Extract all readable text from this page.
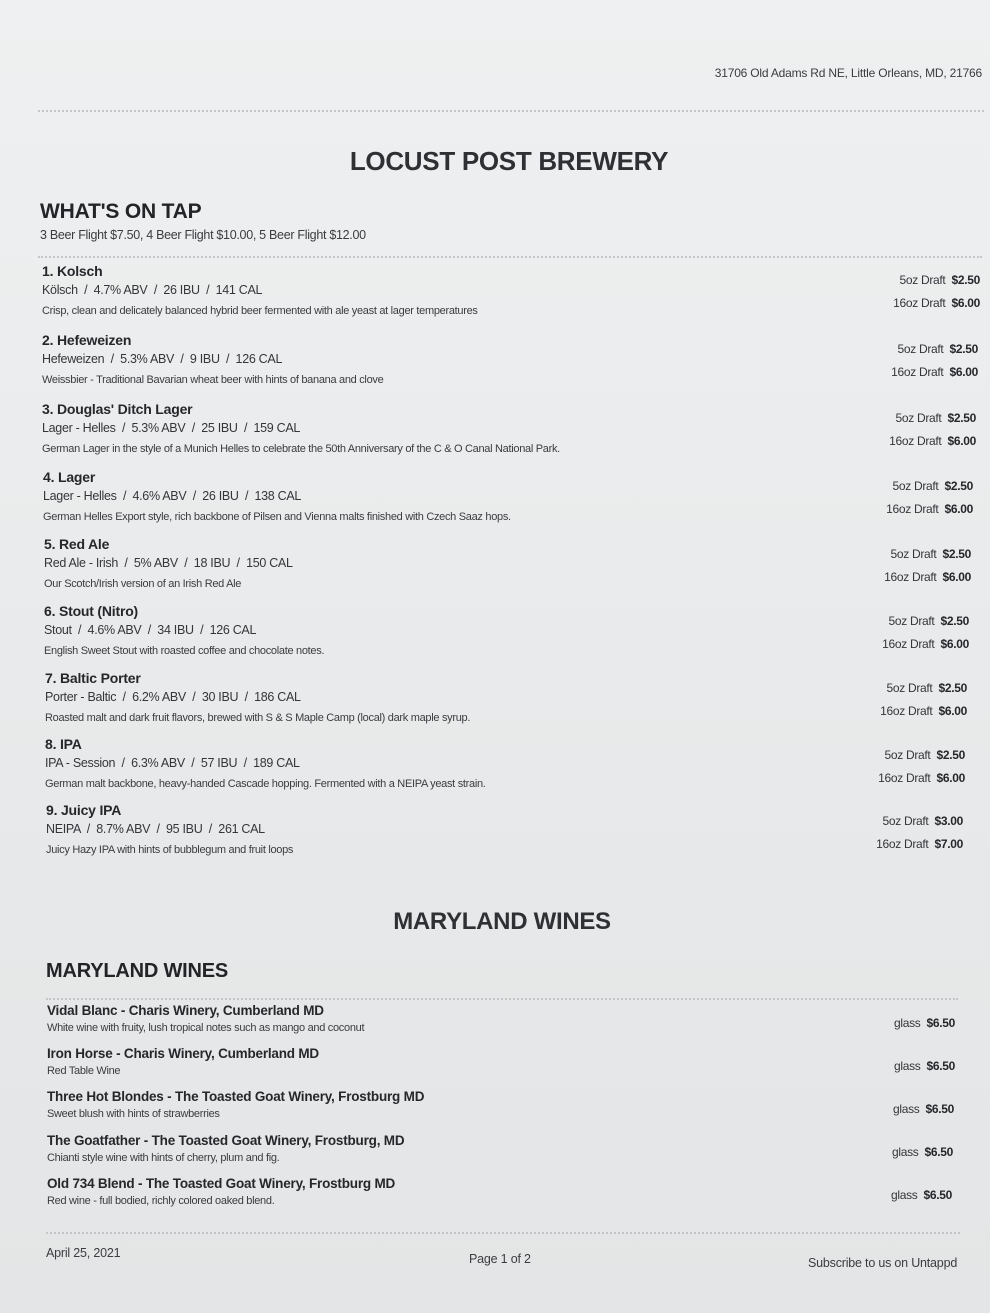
31706 Old Adams Rd NE, Little Orleans, MD, 21766
LOCUST POST BREWERY
WHAT'S ON TAP
3 Beer Flight $7.50, 4 Beer Flight $10.00, 5 Beer Flight $12.00
1. Kolsch
Kölsch  /  4.7% ABV  /  26 IBU  /  141 CAL
Crisp, clean and delicately balanced hybrid beer fermented with ale yeast at lager temperatures
5oz Draft $2.50
16oz Draft $6.00
2. Hefeweizen
Hefeweizen  /  5.3% ABV  /  9 IBU  /  126 CAL
Weissbier - Traditional Bavarian wheat beer with hints of banana and clove
5oz Draft $2.50
16oz Draft $6.00
3. Douglas' Ditch Lager
Lager - Helles  /  5.3% ABV  /  25 IBU  /  159 CAL
German Lager in the style of a Munich Helles to celebrate the 50th Anniversary of the C & O Canal National Park.
5oz Draft $2.50
16oz Draft $6.00
4. Lager
Lager - Helles  /  4.6% ABV  /  26 IBU  /  138 CAL
German Helles Export style, rich backbone of Pilsen and Vienna malts finished with Czech Saaz hops.
5oz Draft $2.50
16oz Draft $6.00
5. Red Ale
Red Ale - Irish  /  5% ABV  /  18 IBU  /  150 CAL
Our Scotch/Irish version of an Irish Red Ale
5oz Draft $2.50
16oz Draft $6.00
6. Stout (Nitro)
Stout  /  4.6% ABV  /  34 IBU  /  126 CAL
English Sweet Stout with roasted coffee and chocolate notes.
5oz Draft $2.50
16oz Draft $6.00
7. Baltic Porter
Porter - Baltic  /  6.2% ABV  /  30 IBU  /  186 CAL
Roasted malt and dark fruit flavors, brewed with S & S Maple Camp (local) dark maple syrup.
5oz Draft $2.50
16oz Draft $6.00
8. IPA
IPA - Session  /  6.3% ABV  /  57 IBU  /  189 CAL
German malt backbone, heavy-handed Cascade hopping. Fermented with a NEIPA yeast strain.
5oz Draft $2.50
16oz Draft $6.00
9. Juicy IPA
NEIPA  /  8.7% ABV  /  95 IBU  /  261 CAL
Juicy Hazy IPA with hints of bubblegum and fruit loops
5oz Draft $3.00
16oz Draft $7.00
MARYLAND WINES
MARYLAND WINES
Vidal Blanc - Charis Winery, Cumberland MD
White wine with fruity, lush tropical notes such as mango and coconut	glass $6.50
Iron Horse - Charis Winery, Cumberland MD
Red Table Wine	glass $6.50
Three Hot Blondes - The Toasted Goat Winery, Frostburg MD
Sweet blush with hints of strawberries	glass $6.50
The Goatfather - The Toasted Goat Winery, Frostburg, MD
Chianti style wine with hints of cherry, plum and fig.	glass $6.50
Old 734 Blend - The Toasted Goat Winery, Frostburg MD
Red wine - full bodied, richly colored oaked blend.	glass $6.50
April 25, 2021	Page 1 of 2	Subscribe to us on Untappd
